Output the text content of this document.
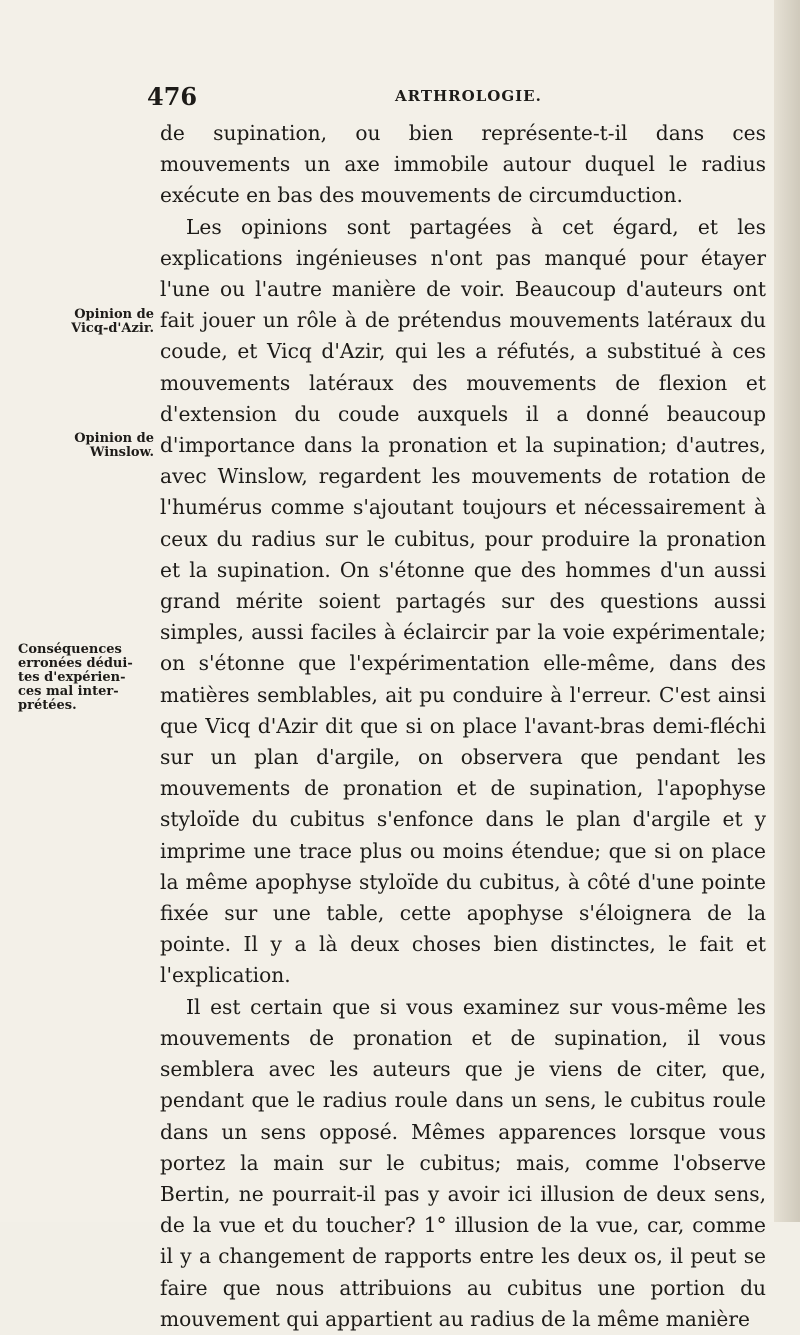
476	ARTHROLOGIE.
Opinion de
Vicq-d'Azir.
Opinion de
Winslow.
Conséquences
erronées dédui-
tes d'expérien-
ces mal inter-
prétées.

de supination, ou bien représente-t-il dans ces mouvements un axe immobile autour duquel le radius exécute en bas des mouvements de circumduction.

Les opinions sont partagées à cet égard, et les explications ingénieuses n'ont pas manqué pour étayer l'une ou l'autre manière de voir. Beaucoup d'auteurs ont fait jouer un rôle à de prétendus mouvements latéraux du coude, et Vicq d'Azir, qui les a réfutés, a substitué à ces mouvements latéraux des mouvements de flexion et d'extension du coude auxquels il a donné beaucoup d'importance dans la pronation et la supination; d'autres, avec Winslow, regardent les mouvements de rotation de l'humérus comme s'ajoutant toujours et nécessairement à ceux du radius sur le cubitus, pour produire la pronation et la supination. On s'étonne que des hommes d'un aussi grand mérite soient partagés sur des questions aussi simples, aussi faciles à éclaircir par la voie expérimentale; on s'étonne que l'expérimentation elle-même, dans des matières semblables, ait pu conduire à l'erreur. C'est ainsi que Vicq d'Azir dit que si on place l'avant-bras demi-fléchi sur un plan d'argile, on observera que pendant les mouvements de pronation et de supination, l'apophyse styloïde du cubitus s'enfonce dans le plan d'argile et y imprime une trace plus ou moins étendue; que si on place la même apophyse styloïde du cubitus, à côté d'une pointe fixée sur une table, cette apophyse s'éloignera de la pointe. Il y a là deux choses bien distinctes, le fait et l'explication.

Il est certain que si vous examinez sur vous-même les mouvements de pronation et de supination, il vous semblera avec les auteurs que je viens de citer, que, pendant que le radius roule dans un sens, le cubitus roule dans un sens opposé. Mêmes apparences lorsque vous portez la main sur le cubitus; mais, comme l'observe Bertin, ne pourrait-il pas y avoir ici illusion de deux sens, de la vue et du toucher? 1° illusion de la vue, car, comme il y a changement de rapports entre les deux os, il peut se faire que nous attribuions au cubitus une portion du mouvement qui appartient au radius de la même manière
